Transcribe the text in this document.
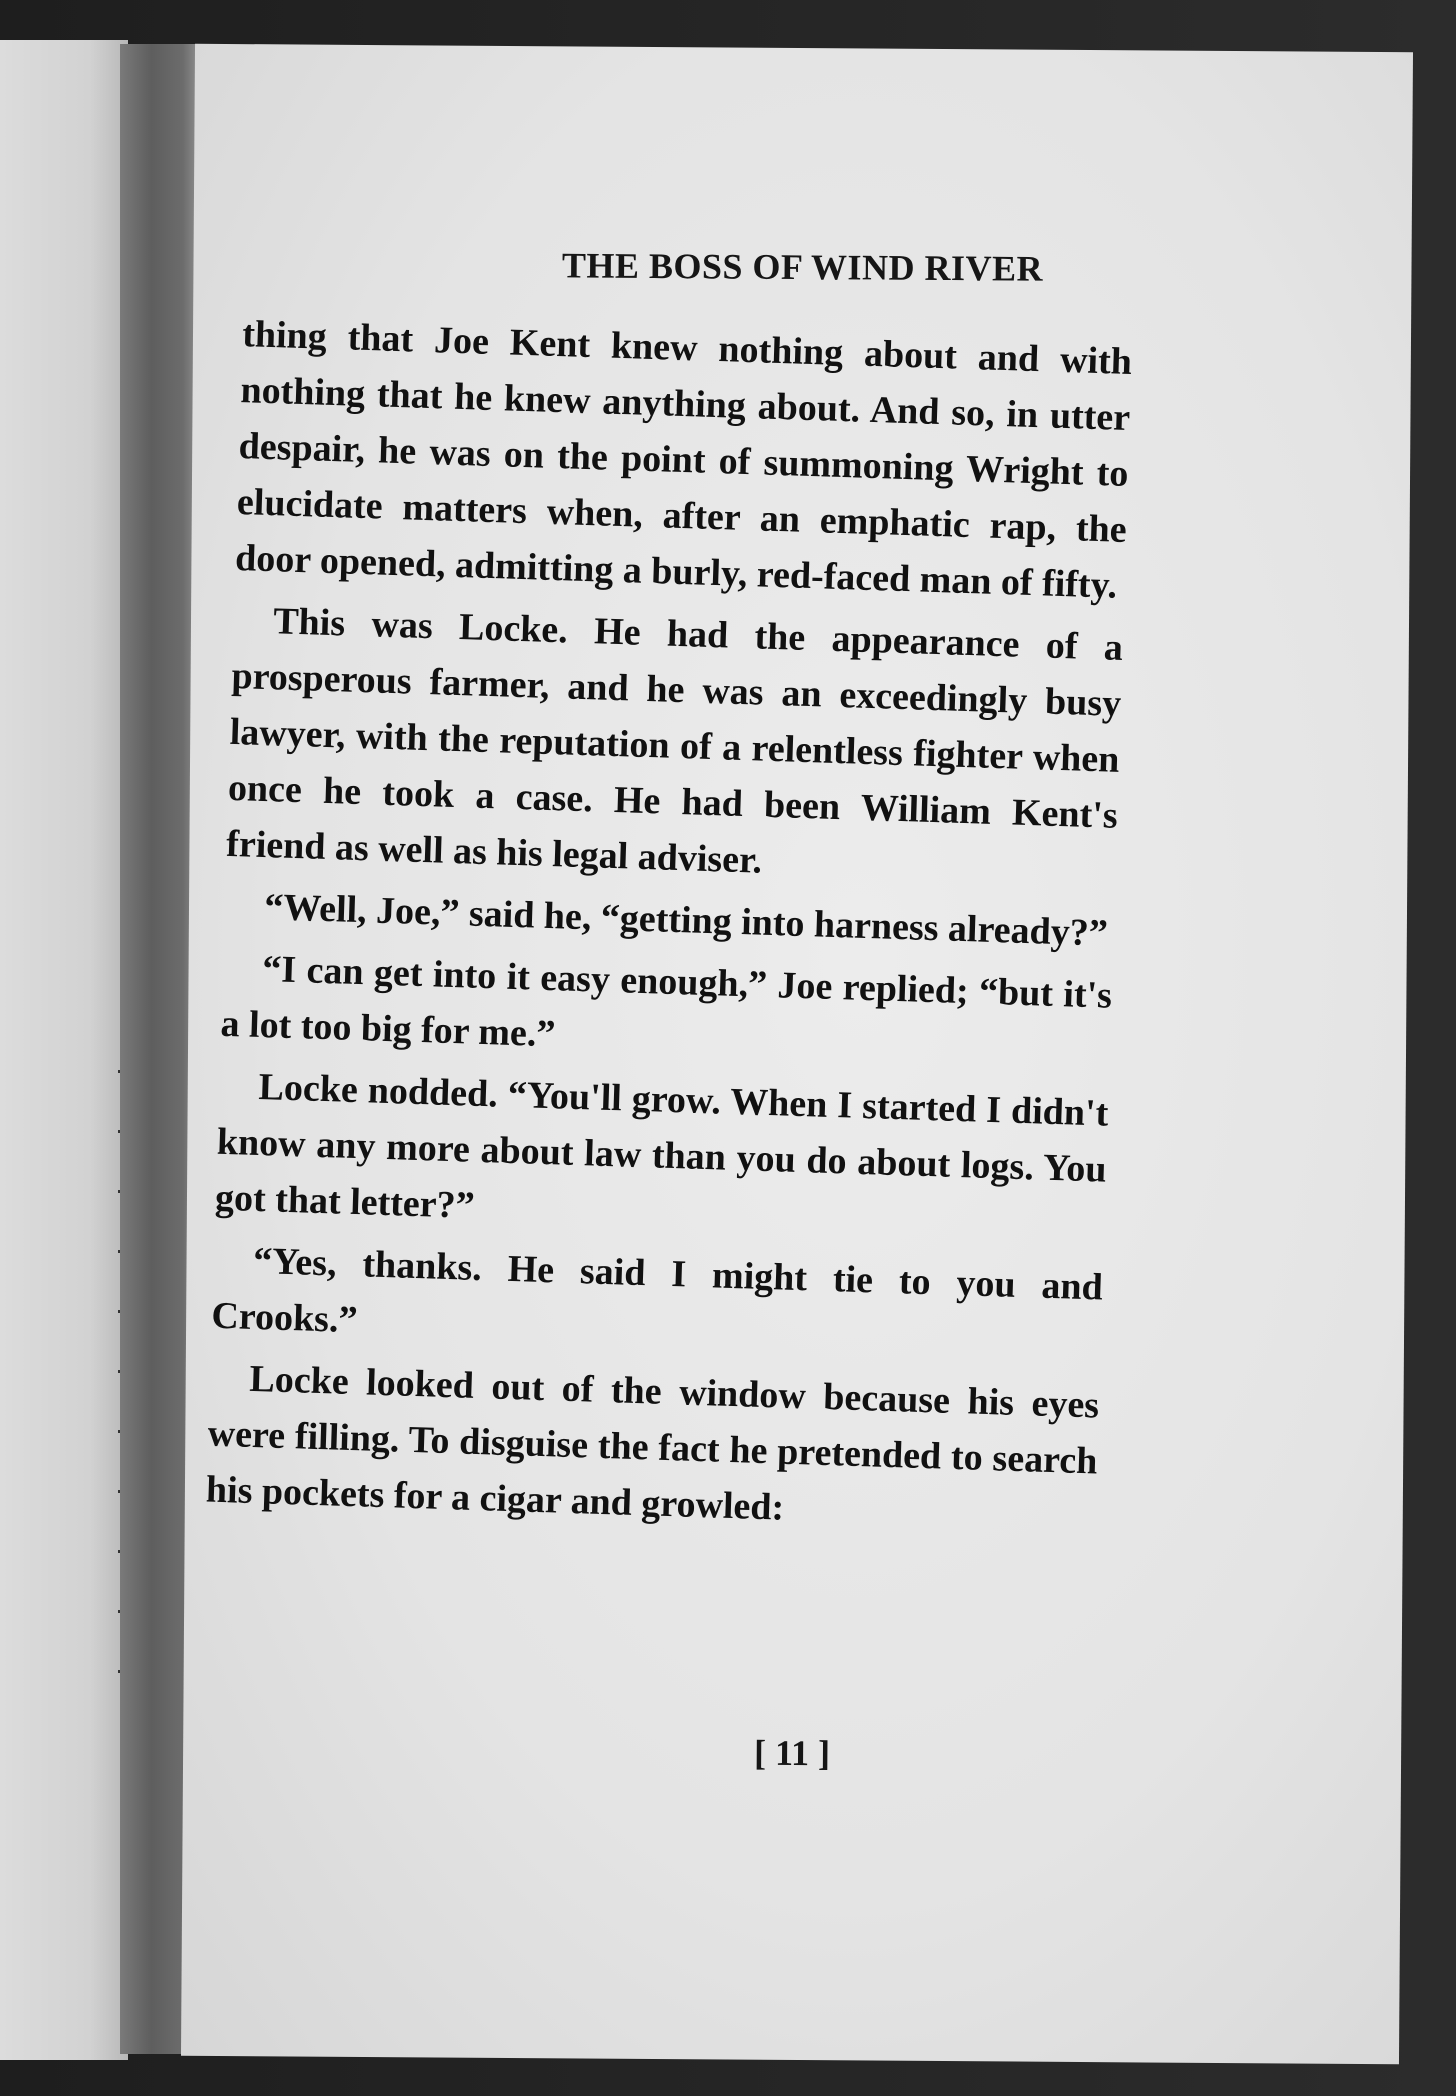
THE BOSS OF WIND RIVER

thing that Joe Kent knew nothing about and with nothing that he knew anything about. And so, in utter despair, he was on the point of summoning Wright to elucidate matters when, after an emphatic rap, the door opened, admitting a burly, red-faced man of fifty.

This was Locke. He had the appearance of a prosperous farmer, and he was an exceedingly busy lawyer, with the reputation of a relentless fighter when once he took a case. He had been William Kent's friend as well as his legal adviser.

“Well, Joe,” said he, “getting into harness already?”

“I can get into it easy enough,” Joe replied; “but it's a lot too big for me.”

Locke nodded. “You'll grow. When I started I didn't know any more about law than you do about logs. You got that letter?”

“Yes, thanks. He said I might tie to you and Crooks.”

Locke looked out of the window because his eyes were filling. To disguise the fact he pretended to search his pockets for a cigar and growled:

[ 11 ]
